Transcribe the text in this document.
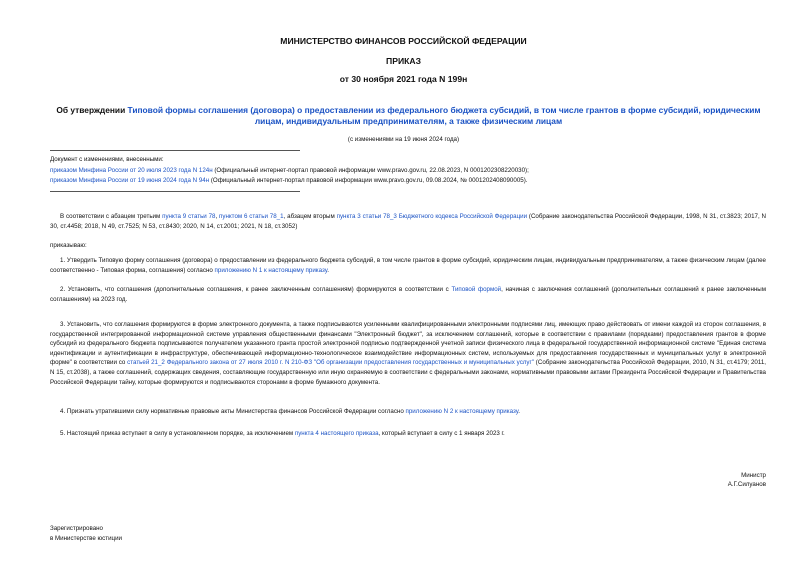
МИНИСТЕРСТВО ФИНАНСОВ РОССИЙСКОЙ ФЕДЕРАЦИИ
ПРИКАЗ
от 30 ноября 2021 года N 199н
Об утверждении Типовой формы соглашения (договора) о предоставлении из федерального бюджета субсидий, в том числе грантов в форме субсидий, юридическим лицам, индивидуальным предпринимателям, а также физическим лицам
(с изменениями на 19 июня 2024 года)
Документ с изменениями, внесенными:
приказом Минфина России от 20 июля 2023 года N 124н (Официальный интернет-портал правовой информации www.pravo.gov.ru, 22.08.2023, N 0001202308220030);
приказом Минфина России от 19 июня 2024 года N 94н (Официальный интернет-портал правовой информации www.pravo.gov.ru, 09.08.2024, № 0001202408090005).
В соответствии с абзацем третьим пункта 9 статьи 78, пунктом 6 статьи 78_1, абзацем вторым пункта 3 статьи 78_3 Бюджетного кодекса Российской Федерации (Собрание законодательства Российской Федерации, 1998, N 31, ст.3823; 2017, N 30, ст.4458; 2018, N 49, ст.7525; N 53, ст.8430; 2020, N 14, ст.2001; 2021, N 18, ст.3052)
приказываю:
1. Утвердить Типовую форму соглашения (договора) о предоставлении из федерального бюджета субсидий, в том числе грантов в форме субсидий, юридическим лицам, индивидуальным предпринимателям, а также физическим лицам (далее соответственно - Типовая форма, соглашения) согласно приложению N 1 к настоящему приказу.
2. Установить, что соглашения (дополнительные соглашения, к ранее заключенным соглашениям) формируются в соответствии с Типовой формой, начиная с заключения соглашений (дополнительных соглашений к ранее заключенным соглашениям) на 2023 год.
3. Установить, что соглашения формируются в форме электронного документа, а также подписываются усиленными квалифицированными электронными подписями лиц, имеющих право действовать от имени каждой из сторон соглашения, в государственной интегрированной информационной системе управления общественными финансами "Электронный бюджет", за исключением соглашений, которые в соответствии с правилами (порядками) предоставления грантов в форме субсидий из федерального бюджета подписываются получателем указанного гранта простой электронной подписью подтвержденной учетной записи физического лица в федеральной государственной информационной системе "Единая система идентификации и аутентификации в инфраструктуре, обеспечивающей информационно-технологическое взаимодействие информационных систем, используемых для предоставления государственных и муниципальных услуг в электронной форме" в соответствии со статьей 21_2 Федерального закона от 27 июля 2010 г. N 210-ФЗ "Об организации предоставления государственных и муниципальных услуг" (Собрание законодательства Российской Федерации, 2010, N 31, ст.4179; 2011, N 15, ст.2038), а также соглашений, содержащих сведения, составляющие государственную или иную охраняемую в соответствии с федеральными законами, нормативными правовыми актами Президента Российской Федерации и Правительства Российской Федерации тайну, которые формируются и подписываются сторонами в форме бумажного документа.
4. Признать утратившими силу нормативные правовые акты Министерства финансов Российской Федерации согласно приложению N 2 к настоящему приказу.
5. Настоящий приказ вступает в силу в установленном порядке, за исключением пункта 4 настоящего приказа, который вступает в силу с 1 января 2023 г.
Министр
А.Г.Силуанов
Зарегистрировано
в Министерстве юстиции
